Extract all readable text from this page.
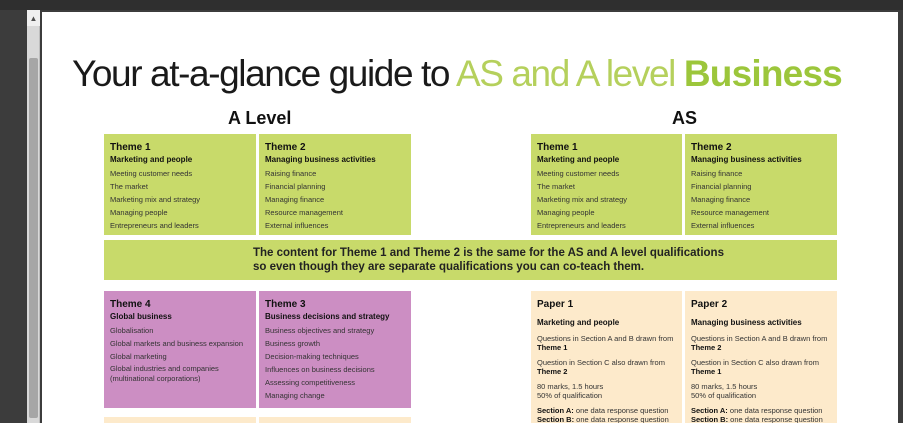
▲
Your at-a-glance guide to AS and A level Business
A Level	AS
Theme 1
Marketing and people
Meeting customer needs
The market
Marketing mix and strategy
Managing people
Entrepreneurs and leaders
Theme 2
Managing business activities
Raising finance
Financial planning
Managing finance
Resource management
External influences
Theme 1
Marketing and people
Meeting customer needs
The market
Marketing mix and strategy
Managing people
Entrepreneurs and leaders
Theme 2
Managing business activities
Raising finance
Financial planning
Managing finance
Resource management
External influences
The content for Theme 1 and Theme 2 is the same for the AS and A level qualifications
so even though they are separate qualifications you can co-teach them.
Theme 4
Global business
Globalisation
Global markets and business expansion
Global marketing
Global industries and companies (multinational corporations)
Theme 3
Business decisions and strategy
Business objectives and strategy
Business growth
Decision-making techniques
Influences on business decisions
Assessing competitiveness
Managing change
Paper 1
Marketing and people
Questions in Section A and B drawn from
Theme 1
Question in Section C also drawn from
Theme 2
80 marks, 1.5 hours
50% of qualification
Section A: one data response question
Section B: one data response question
Paper 2
Managing business activities
Questions in Section A and B drawn from
Theme 2
Question in Section C also drawn from
Theme 1
80 marks, 1.5 hours
50% of qualification
Section A: one data response question
Section B: one data response question
